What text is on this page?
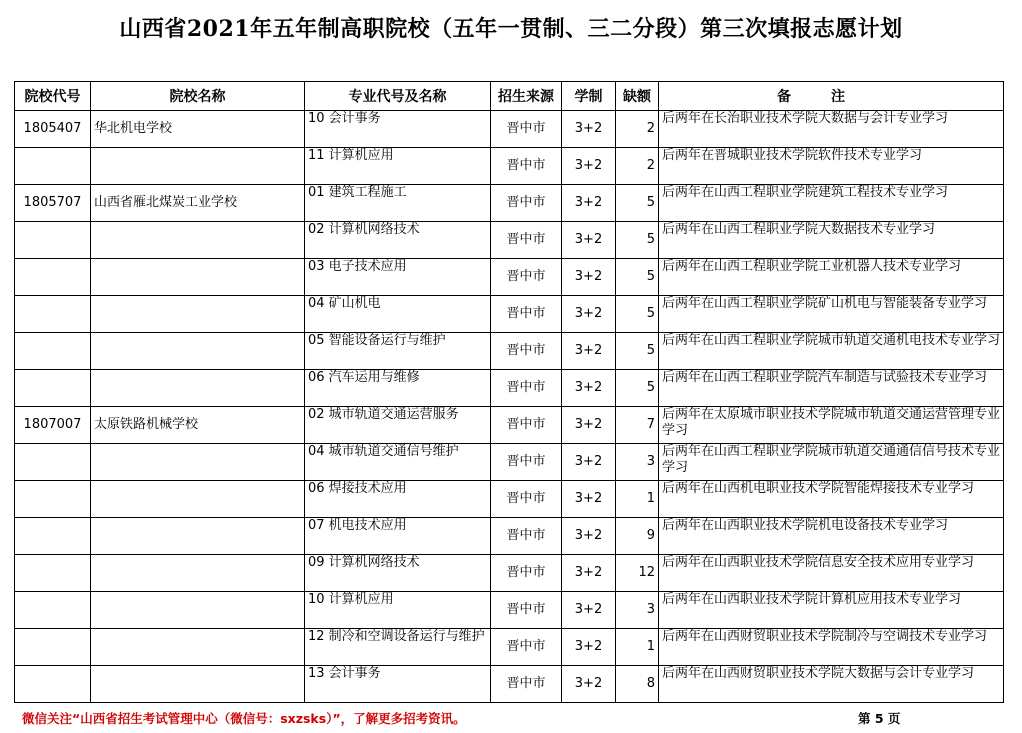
山西省2021年五年制高职院校（五年一贯制、三二分段）第三次填报志愿计划
院校代号	院校名称	专业代号及名称	招生来源	学制	缺额	备注
1805407	华北机电学校	10 会计事务	晋中市	3+2	2	后两年在长治职业技术学院大数据与会计专业学习
		11 计算机应用	晋中市	3+2	2	后两年在晋城职业技术学院软件技术专业学习
1805707	山西省雁北煤炭工业学校	01 建筑工程施工	晋中市	3+2	5	后两年在山西工程职业学院建筑工程技术专业学习
		02 计算机网络技术	晋中市	3+2	5	后两年在山西工程职业学院大数据技术专业学习
		03 电子技术应用	晋中市	3+2	5	后两年在山西工程职业学院工业机器人技术专业学习
		04 矿山机电	晋中市	3+2	5	后两年在山西工程职业学院矿山机电与智能装备专业学习
		05 智能设备运行与维护	晋中市	3+2	5	后两年在山西工程职业学院城市轨道交通机电技术专业学习
		06 汽车运用与维修	晋中市	3+2	5	后两年在山西工程职业学院汽车制造与试验技术专业学习
1807007	太原铁路机械学校	02 城市轨道交通运营服务	晋中市	3+2	7	后两年在太原城市职业技术学院城市轨道交通运营管理专业学习
		04 城市轨道交通信号维护	晋中市	3+2	3	后两年在山西工程职业学院城市轨道交通通信信号技术专业学习
		06 焊接技术应用	晋中市	3+2	1	后两年在山西机电职业技术学院智能焊接技术专业学习
		07 机电技术应用	晋中市	3+2	9	后两年在山西职业技术学院机电设备技术专业学习
		09 计算机网络技术	晋中市	3+2	12	后两年在山西职业技术学院信息安全技术应用专业学习
		10 计算机应用	晋中市	3+2	3	后两年在山西职业技术学院计算机应用技术专业学习
		12 制冷和空调设备运行与维护	晋中市	3+2	1	后两年在山西财贸职业技术学院制冷与空调技术专业学习
		13 会计事务	晋中市	3+2	8	后两年在山西财贸职业技术学院大数据与会计专业学习
微信关注“山西省招生考试管理中心（微信号：sxzsks）”，了解更多招考资讯。	第 5 页
